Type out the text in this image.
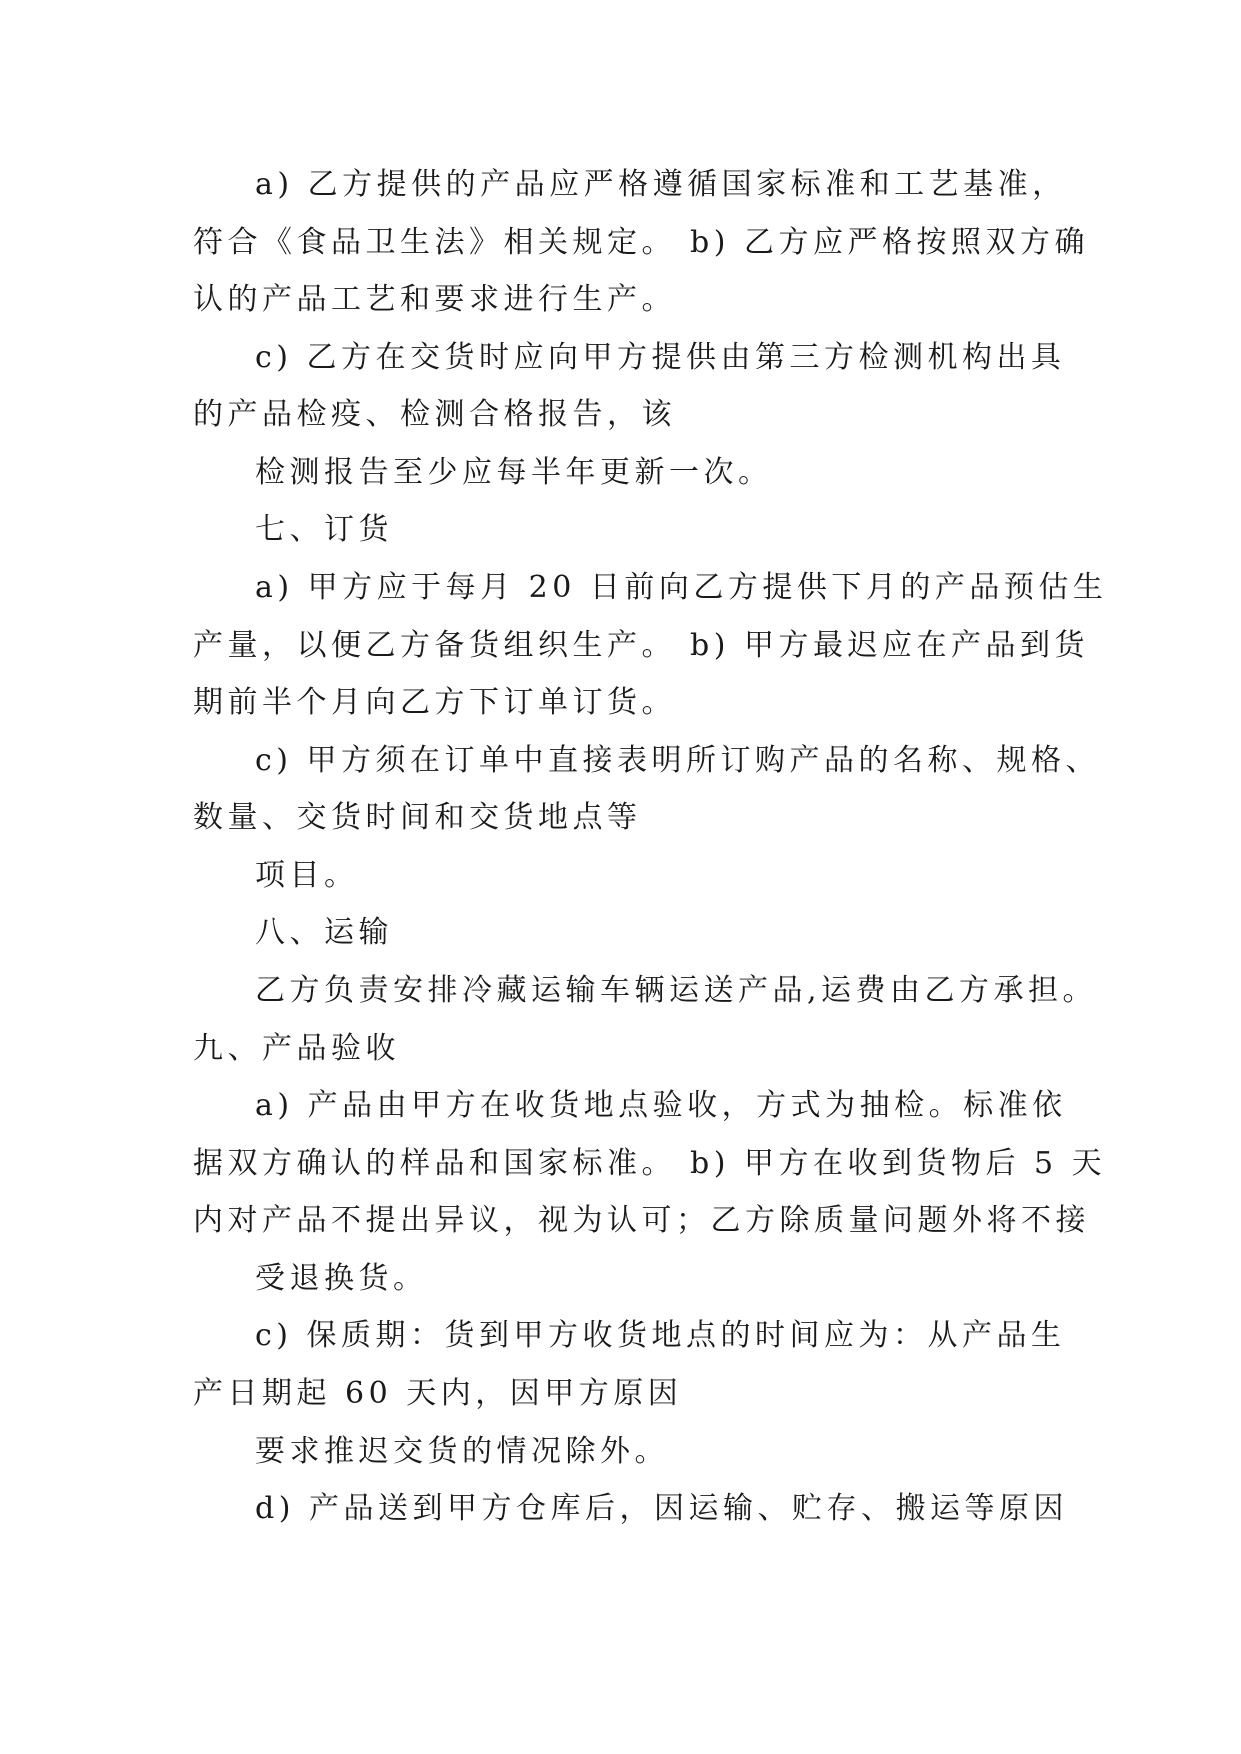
a) 乙方提供的产品应严格遵循国家标准和工艺基准，
符合《食品卫生法》相关规定。 b) 乙方应严格按照双方确
认的产品工艺和要求进行生产。
c) 乙方在交货时应向甲方提供由第三方检测机构出具
的产品检疫、检测合格报告，该
检测报告至少应每半年更新一次。
七、订货
a) 甲方应于每月 20 日前向乙方提供下月的产品预估生
产量，以便乙方备货组织生产。 b) 甲方最迟应在产品到货
期前半个月向乙方下订单订货。
c) 甲方须在订单中直接表明所订购产品的名称、规格、
数量、交货时间和交货地点等
项目。
八、运输
乙方负责安排冷藏运输车辆运送产品,运费由乙方承担。
九、产品验收
a) 产品由甲方在收货地点验收，方式为抽检。标准依
据双方确认的样品和国家标准。 b) 甲方在收到货物后 5 天
内对产品不提出异议，视为认可；乙方除质量问题外将不接
受退换货。
c) 保质期：货到甲方收货地点的时间应为：从产品生
产日期起 60 天内，因甲方原因
要求推迟交货的情况除外。
d) 产品送到甲方仓库后，因运输、贮存、搬运等原因
